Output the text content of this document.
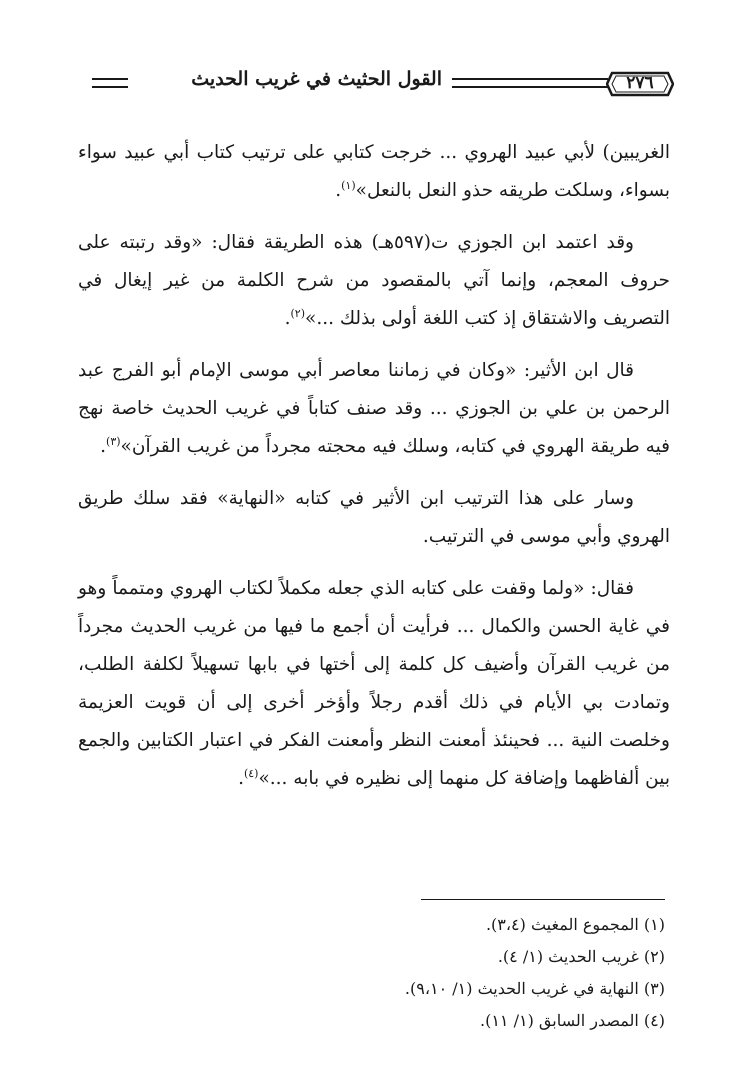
٢٧٦
القول الحثيث في غريب الحديث

الغريبين) لأبي عبيد الهروي ... خرجت كتابي على ترتيب كتاب أبي عبيد سواء بسواء، وسلكت طريقه حذو النعل بالنعل»$^{(١)}$.

وقد اعتمد ابن الجوزي ت(٥٩٧هـ) هذه الطريقة فقال: «وقد رتبته على حروف المعجم، وإنما آتي بالمقصود من شرح الكلمة من غير إيغال في التصريف والاشتقاق إذ كتب اللغة أولى بذلك ...»$^{(٢)}$.

قال ابن الأثير: «وكان في زماننا معاصر أبي موسى الإمام أبو الفرج عبد الرحمن بن علي بن الجوزي ... وقد صنف كتاباً في غريب الحديث خاصة نهج فيه طريقة الهروي في كتابه، وسلك فيه محجته مجرداً من غريب القرآن»$^{(٣)}$.

وسار على هذا الترتيب ابن الأثير في كتابه «النهاية» فقد سلك طريق الهروي وأبي موسى في الترتيب.

فقال: «ولما وقفت على كتابه الذي جعله مكملاً لكتاب الهروي ومتمماً وهو في غاية الحسن والكمال ... فرأيت أن أجمع ما فيها من غريب الحديث مجرداً من غريب القرآن وأضيف كل كلمة إلى أختها في بابها تسهيلاً لكلفة الطلب، وتمادت بي الأيام في ذلك أقدم رجلاً وأؤخر أخرى إلى أن قويت العزيمة وخلصت النية ... فحينئذ أمعنت النظر وأمعنت الفكر في اعتبار الكتابين والجمع بين ألفاظهما وإضافة كل منهما إلى نظيره في بابه ...»$^{(٤)}$.

(١) المجموع المغيث (٣،٤).
(٢) غريب الحديث (١/ ٤).
(٣) النهاية في غريب الحديث (١/ ٩،١٠).
(٤) المصدر السابق (١/ ١١).
